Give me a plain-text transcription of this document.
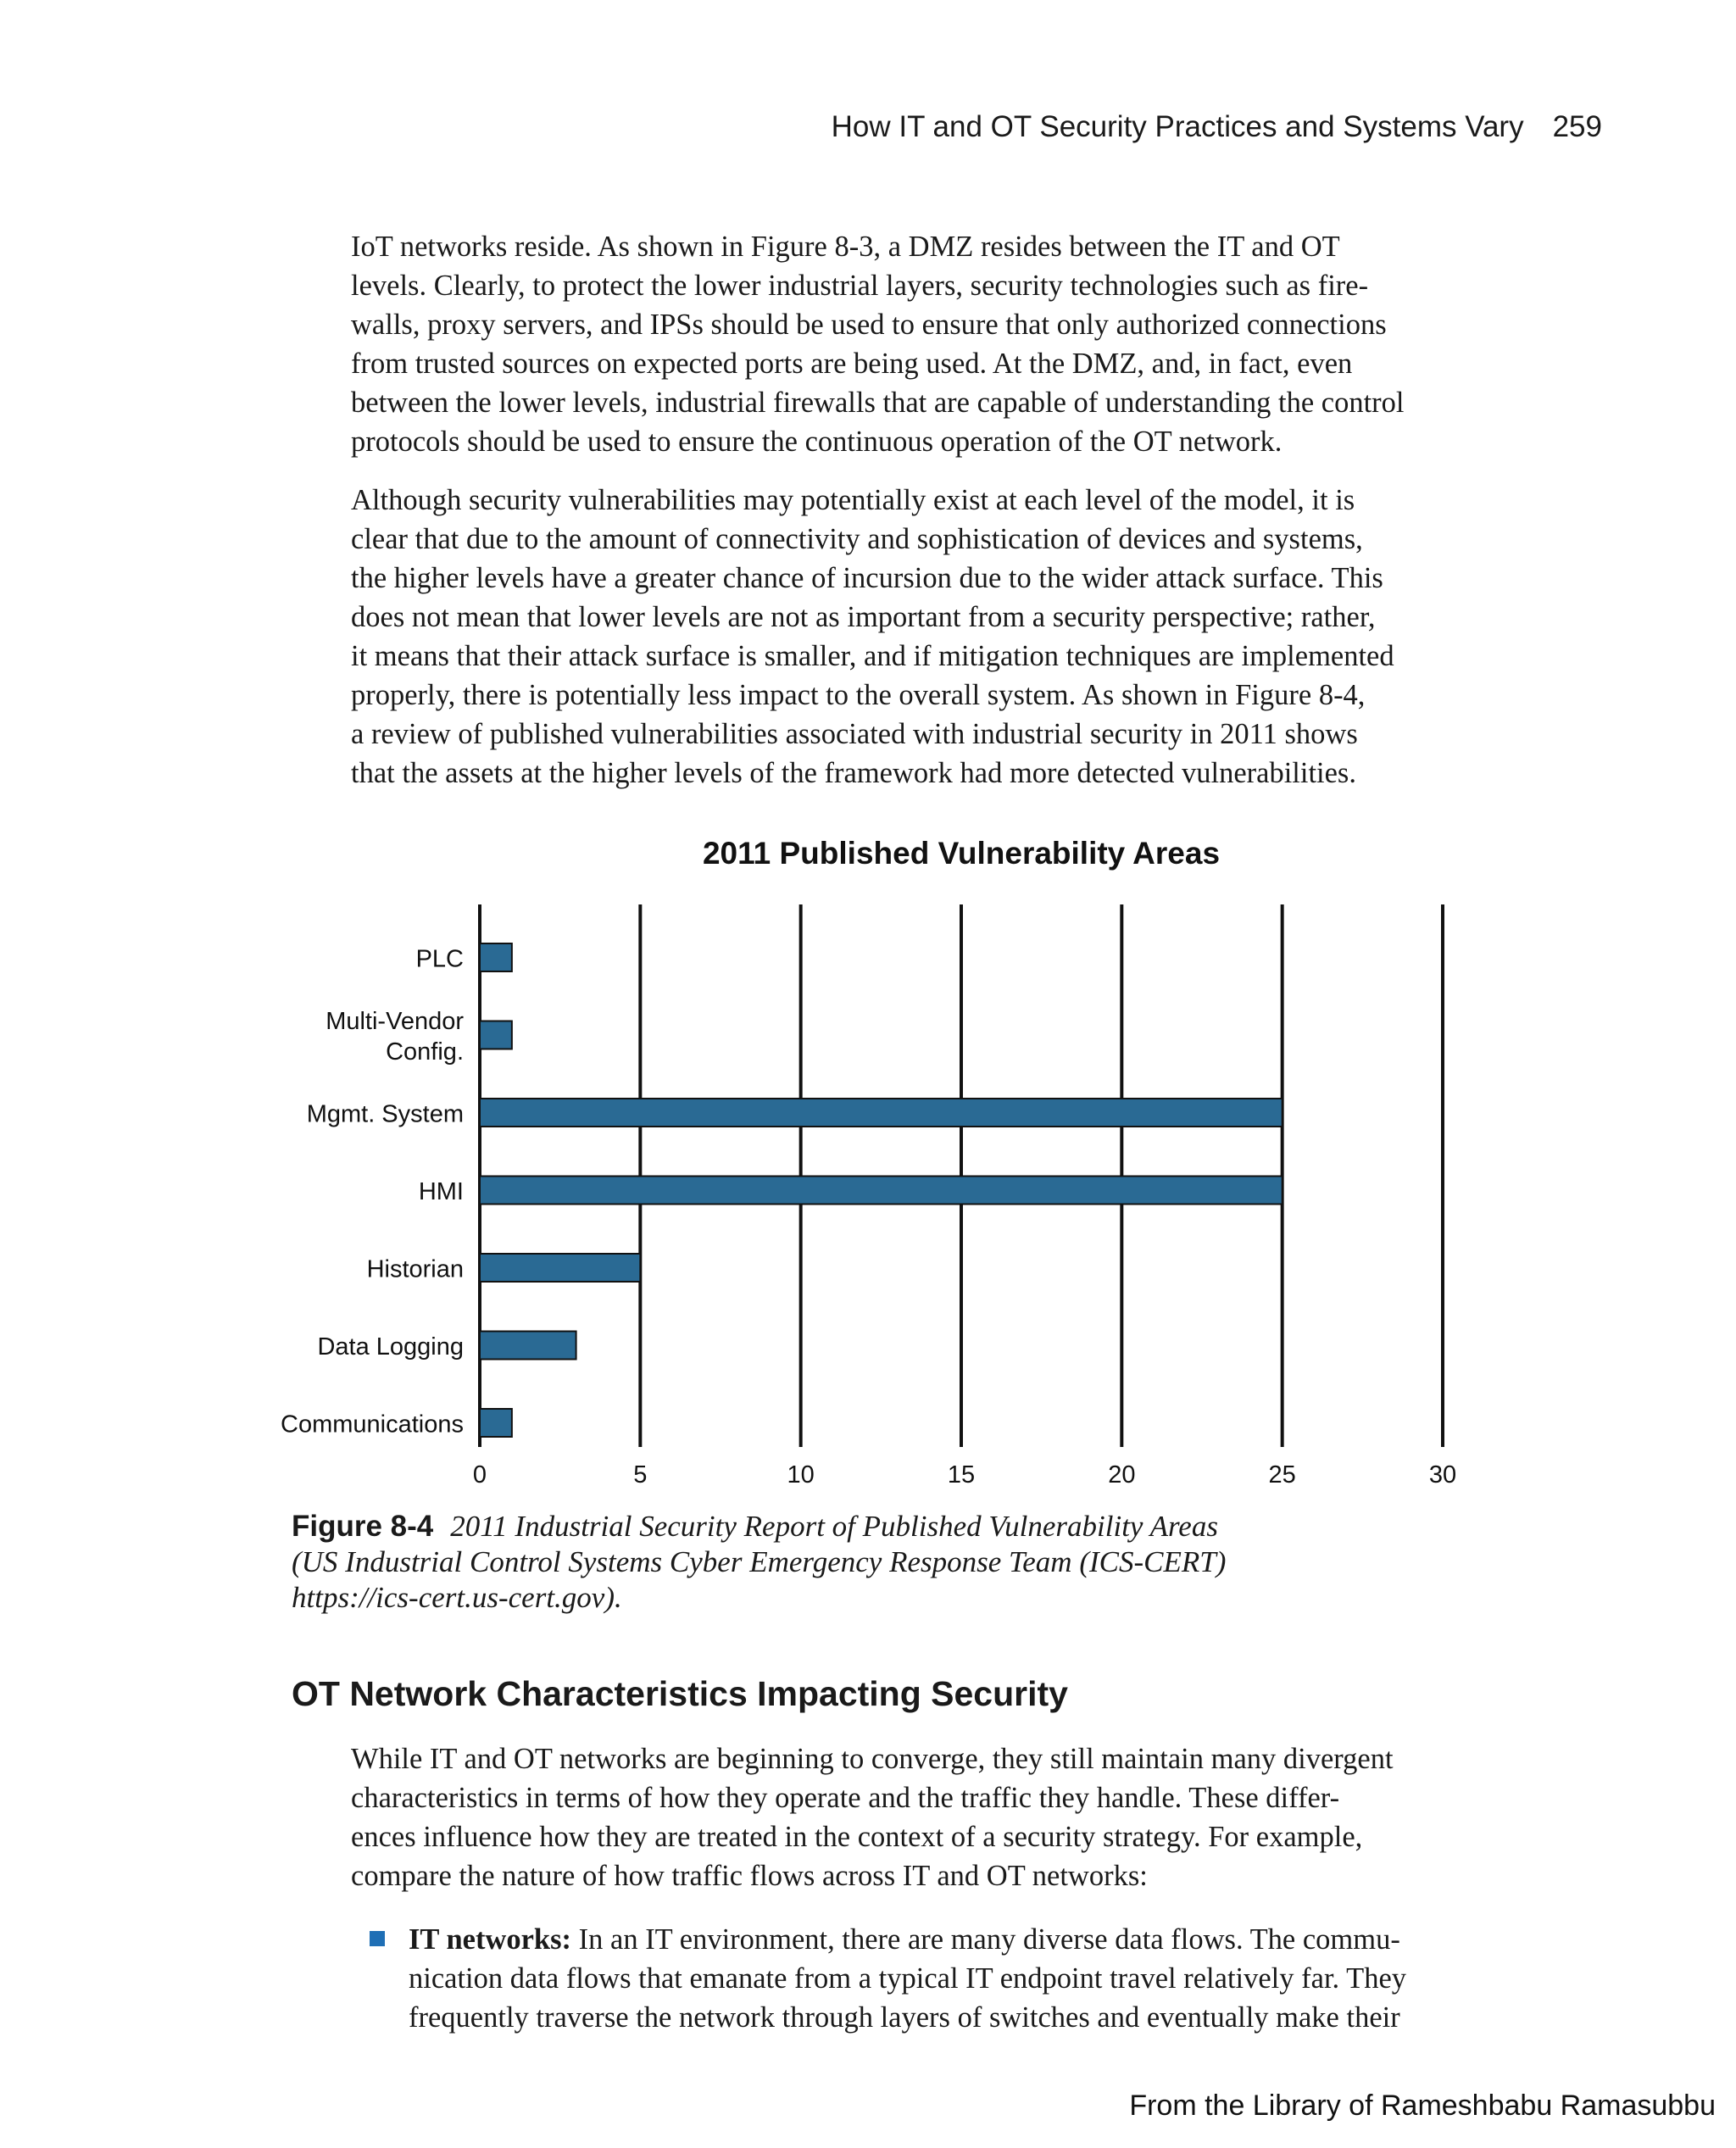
How IT and OT Security Practices and Systems Vary 259

IoT networks reside. As shown in Figure 8-3, a DMZ resides between the IT and OT
levels. Clearly, to protect the lower industrial layers, security technologies such as fire-
walls, proxy servers, and IPSs should be used to ensure that only authorized connections
from trusted sources on expected ports are being used. At the DMZ, and, in fact, even
between the lower levels, industrial firewalls that are capable of understanding the control
protocols should be used to ensure the continuous operation of the OT network.

Although security vulnerabilities may potentially exist at each level of the model, it is
clear that due to the amount of connectivity and sophistication of devices and systems,
the higher levels have a greater chance of incursion due to the wider attack surface. This
does not mean that lower levels are not as important from a security perspective; rather,
it means that their attack surface is smaller, and if mitigation techniques are implemented
properly, there is potentially less impact to the overall system. As shown in Figure 8-4,
a review of published vulnerabilities associated with industrial security in 2011 shows
that the assets at the higher levels of the framework had more detected vulnerabilities.

2011 Published Vulnerability Areas
PLC
Multi-Vendor
Config.
Mgmt. System
HMI
Historian
Data Logging
Communications
0	5	10	15	20	25	30
Figure 8-4 2011 Industrial Security Report of Published Vulnerability Areas
(US Industrial Control Systems Cyber Emergency Response Team (ICS-CERT)
https://ics-cert.us-cert.gov).
OT Network Characteristics Impacting Security

While IT and OT networks are beginning to converge, they still maintain many divergent
characteristics in terms of how they operate and the traffic they handle. These differ-
ences influence how they are treated in the context of a security strategy. For example,
compare the nature of how traffic flows across IT and OT networks:

IT networks: In an IT environment, there are many diverse data flows. The commu-
nication data flows that emanate from a typical IT endpoint travel relatively far. They
frequently traverse the network through layers of switches and eventually make their

From the Library of Rameshbabu Ramasubbu
